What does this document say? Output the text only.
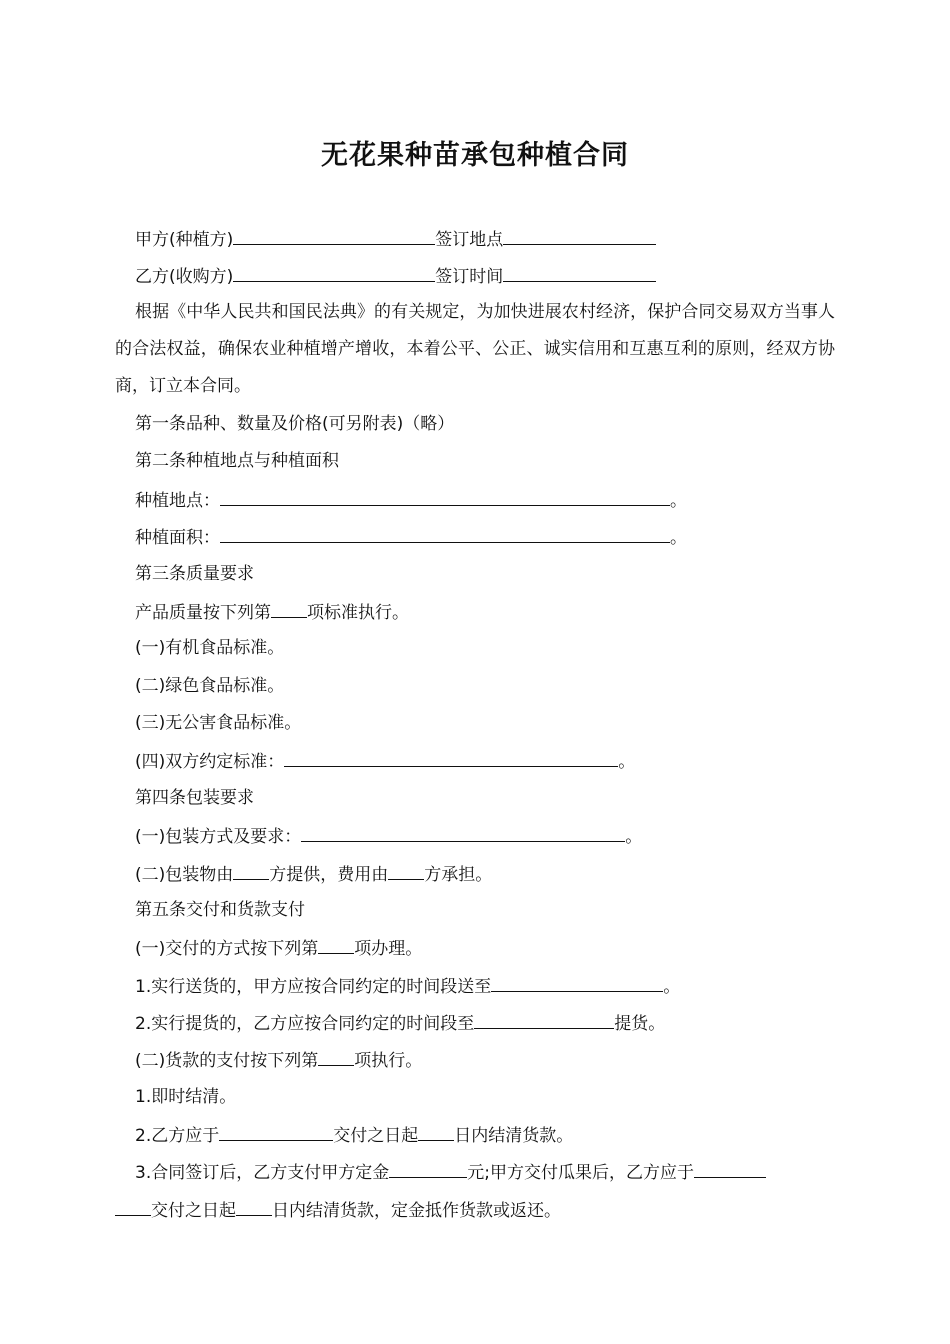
无花果种苗承包种植合同
甲方(种植方)	签订地点
乙方(收购方)	签订时间
根据《中华人民共和国民法典》的有关规定，为加快进展农村经济，保护合同交易双方当事人的合法权益，确保农业种植增产增收，本着公平、公正、诚实信用和互惠互利的原则，经双方协商，订立本合同。
第一条品种、数量及价格(可另附表)（略）
第二条种植地点与种植面积
种植地点：	。
种植面积：	。
第三条质量要求
产品质量按下列第 项标准执行。
(一)有机食品标准。
(二)绿色食品标准。
(三)无公害食品标准。
(四)双方约定标准：	。
第四条包装要求
(一)包装方式及要求：	。
(二)包装物由 方提供，费用由 方承担。
第五条交付和货款支付
(一)交付的方式按下列第 项办理。
1.实行送货的，甲方应按合同约定的时间段送至	。
2.实行提货的，乙方应按合同约定的时间段至	提货。
(二)货款的支付按下列第 项执行。
1.即时结清。
2.乙方应于	交付之日起 日内结清货款。
3.合同签订后，乙方支付甲方定金	元;甲方交付瓜果后，乙方应于
交付之日起 日内结清货款，定金抵作货款或返还。
